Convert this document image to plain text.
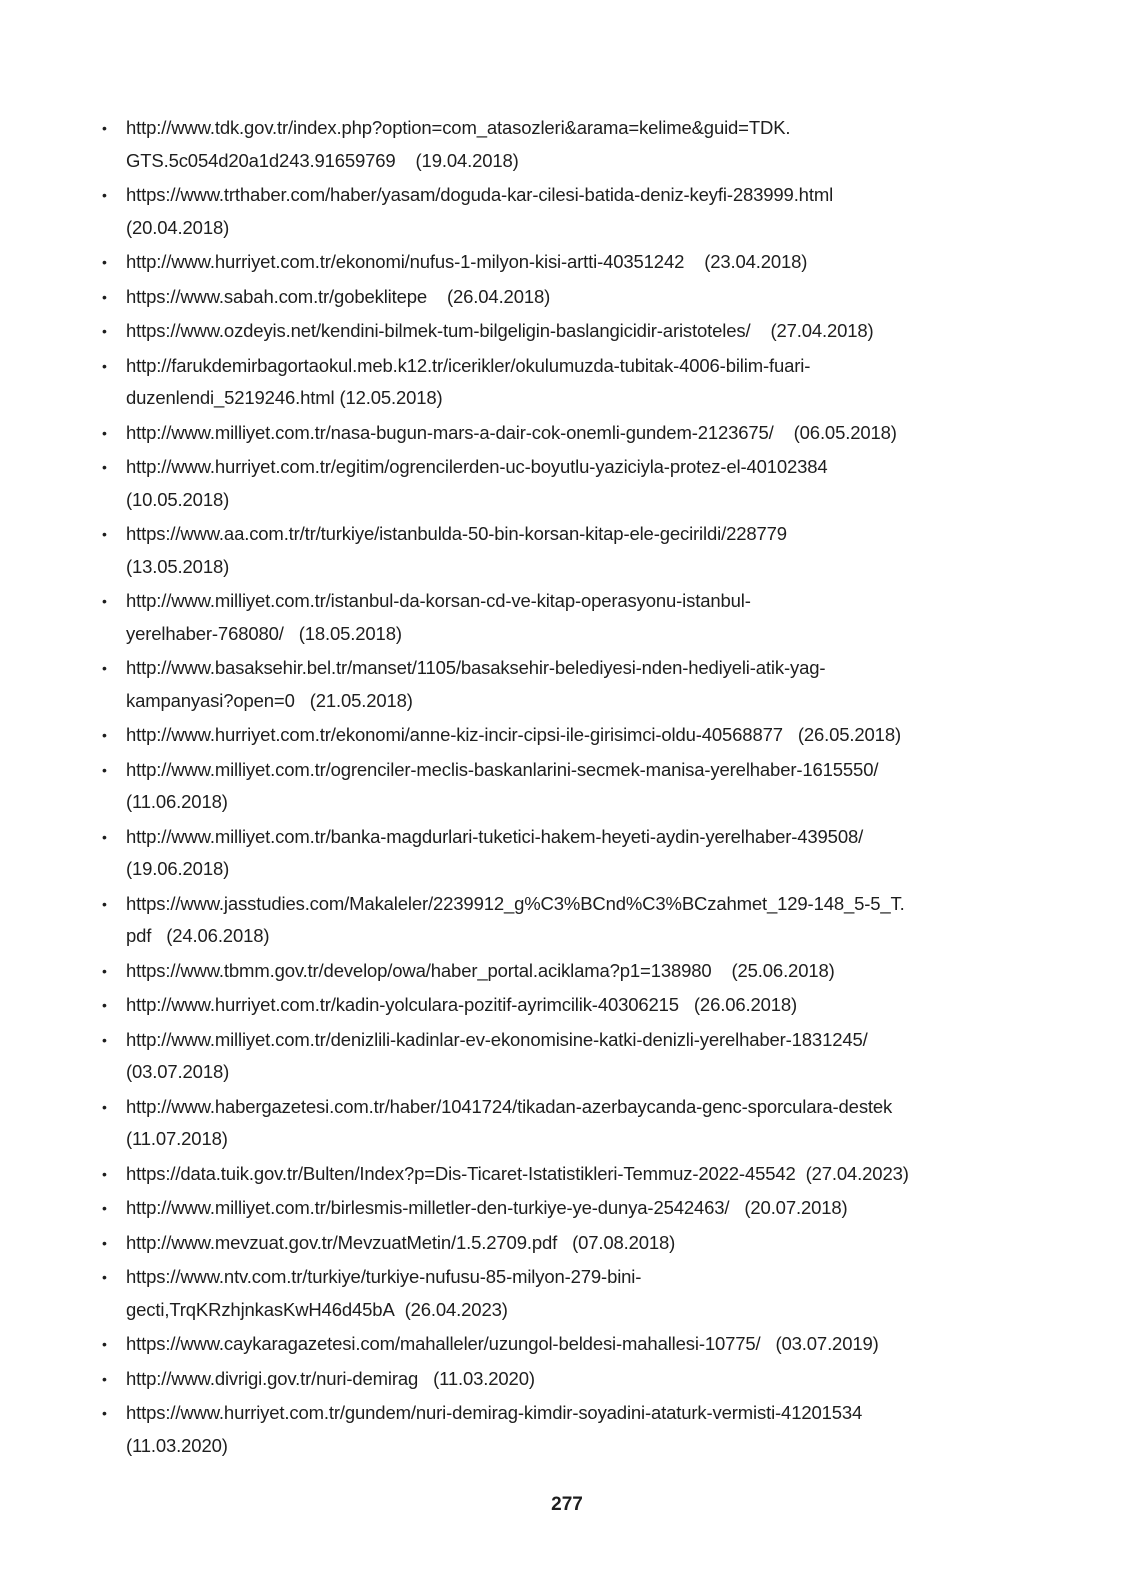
• http://www.tdk.gov.tr/index.php?option=com_atasozleri&arama=kelime&guid=TDK.
GTS.5c054d20a1d243.91659769 (19.04.2018)
• https://www.trthaber.com/haber/yasam/doguda-kar-cilesi-batida-deniz-keyfi-283999.html
(20.04.2018)
• http://www.hurriyet.com.tr/ekonomi/nufus-1-milyon-kisi-artti-40351242 (23.04.2018)
• https://www.sabah.com.tr/gobeklitepe (26.04.2018)
• https://www.ozdeyis.net/kendini-bilmek-tum-bilgeligin-baslangicidir-aristoteles/ (27.04.2018)
• http://farukdemirbagortaokul.meb.k12.tr/icerikler/okulumuzda-tubitak-4006-bilim-fuari-
duzenlendi_5219246.html (12.05.2018)
• http://www.milliyet.com.tr/nasa-bugun-mars-a-dair-cok-onemli-gundem-2123675/ (06.05.2018)
• http://www.hurriyet.com.tr/egitim/ogrencilerden-uc-boyutlu-yaziciyla-protez-el-40102384
(10.05.2018)
• https://www.aa.com.tr/tr/turkiye/istanbulda-50-bin-korsan-kitap-ele-gecirildi/228779
(13.05.2018)
• http://www.milliyet.com.tr/istanbul-da-korsan-cd-ve-kitap-operasyonu-istanbul-
yerelhaber-768080/ (18.05.2018)
• http://www.basaksehir.bel.tr/manset/1105/basaksehir-belediyesi-nden-hediyeli-atik-yag-
kampanyasi?open=0 (21.05.2018)
• http://www.hurriyet.com.tr/ekonomi/anne-kiz-incir-cipsi-ile-girisimci-oldu-40568877 (26.05.2018)
• http://www.milliyet.com.tr/ogrenciler-meclis-baskanlarini-secmek-manisa-yerelhaber-1615550/
(11.06.2018)
• http://www.milliyet.com.tr/banka-magdurlari-tuketici-hakem-heyeti-aydin-yerelhaber-439508/
(19.06.2018)
• https://www.jasstudies.com/Makaleler/2239912_g%C3%BCnd%C3%BCzahmet_129-148_5-5_T.
pdf (24.06.2018)
• https://www.tbmm.gov.tr/develop/owa/haber_portal.aciklama?p1=138980 (25.06.2018)
• http://www.hurriyet.com.tr/kadin-yolculara-pozitif-ayrimcilik-40306215 (26.06.2018)
• http://www.milliyet.com.tr/denizlili-kadinlar-ev-ekonomisine-katki-denizli-yerelhaber-1831245/
(03.07.2018)
• http://www.habergazetesi.com.tr/haber/1041724/tikadan-azerbaycanda-genc-sporculara-destek
(11.07.2018)
• https://data.tuik.gov.tr/Bulten/Index?p=Dis-Ticaret-Istatistikleri-Temmuz-2022-45542 (27.04.2023)
• http://www.milliyet.com.tr/birlesmis-milletler-den-turkiye-ye-dunya-2542463/ (20.07.2018)
• http://www.mevzuat.gov.tr/MevzuatMetin/1.5.2709.pdf (07.08.2018)
• https://www.ntv.com.tr/turkiye/turkiye-nufusu-85-milyon-279-bini-
gecti,TrqKRzhjnkasKwH46d45bA (26.04.2023)
• https://www.caykaragazetesi.com/mahalleler/uzungol-beldesi-mahallesi-10775/ (03.07.2019)
• http://www.divrigi.gov.tr/nuri-demirag (11.03.2020)
• https://www.hurriyet.com.tr/gundem/nuri-demirag-kimdir-soyadini-ataturk-vermisti-41201534
(11.03.2020)
277
